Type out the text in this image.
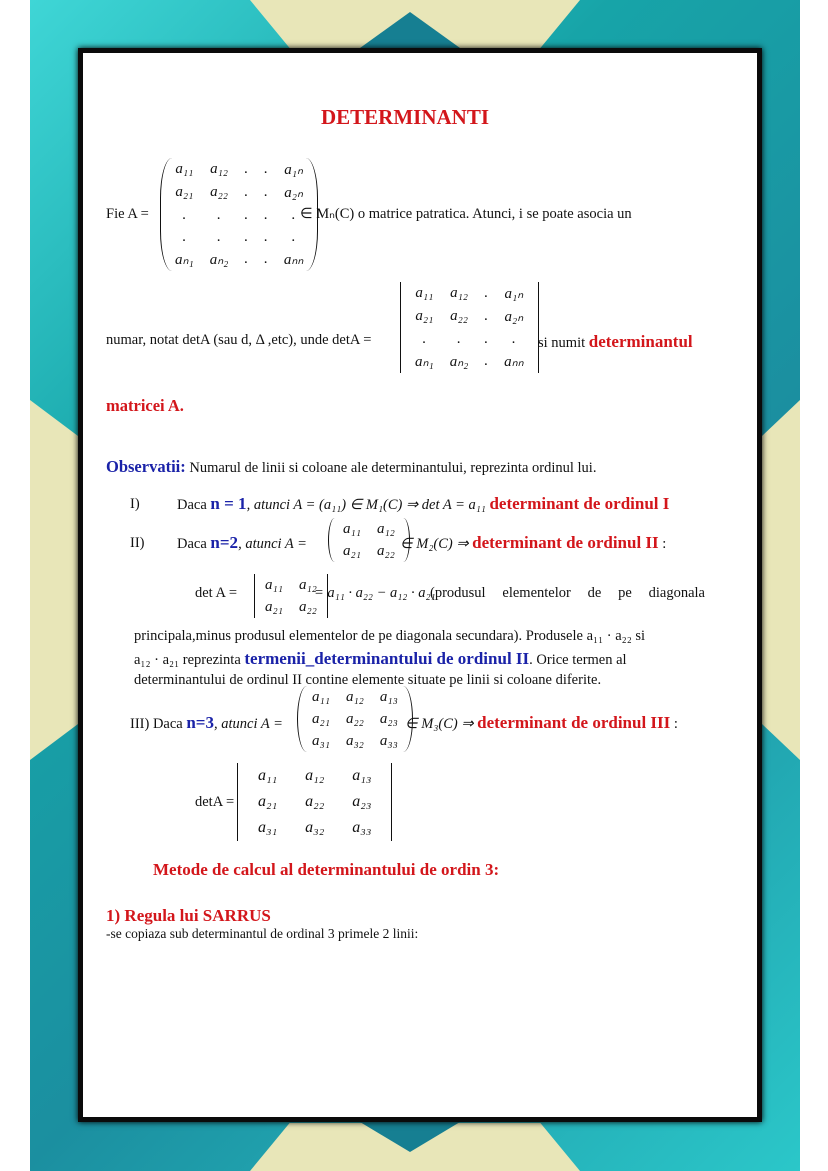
DETERMINANTI
Fie A =
a₁₁	a₁₂	.	.	a₁ₙ
a₂₁	a₂₂	.	.	a₂ₙ
.	.	.	.	.
.	.	.	.	.
aₙ₁	aₙ₂	.	.	aₙₙ
∈ Mₙ(C) o matrice patratica. Atunci, i se poate asocia un
numar, notat detA (sau d, Δ ,etc), unde detA =
a₁₁	a₁₂	.	a₁ₙ
a₂₁	a₂₂	.	a₂ₙ
.	.	.	.
aₙ₁	aₙ₂	.	aₙₙ
si numit determinantul
matricei A.
Observatii: Numarul de linii si coloane ale determinantului, reprezinta ordinul lui.
I)	Daca n = 1, atunci A = (a₁₁) ∈ M₁(C) ⇒ det A = a₁₁ determinant de ordinul I
II) Daca n=2, atunci A =
a₁₁	a₁₂
a₂₁	a₂₂ ∈ M₂(C) ⇒ determinant de ordinul II :
det A =
a₁₁	a₁₂
a₂₁	a₂₂
= a₁₁ · a₂₂ − a₁₂ · a₂₁
(produsul elementelor de pe diagonala
principala,minus produsul elementelor de pe diagonala secundara). Produsele a₁₁ · a₂₂ si
a₁₂ · a₂₁ reprezinta termenii_determinantului de ordinul II. Orice termen al
determinantului de ordinul II contine elemente situate pe linii si coloane diferite.
III) Daca n=3, atunci A =
a₁₁	a₁₂	a₁₃
a₂₁	a₂₂	a₂₃
a₃₁	a₃₂	a₃₃
∈ M₃(C) ⇒ determinant de ordinul III :
detA =
a₁₁	a₁₂	a₁₃
a₂₁	a₂₂	a₂₃
a₃₁	a₃₂	a₃₃
Metode de calcul al determinantului de ordin 3:
1) Regula lui SARRUS
-se copiaza sub determinantul de ordinal 3 primele 2 linii:
